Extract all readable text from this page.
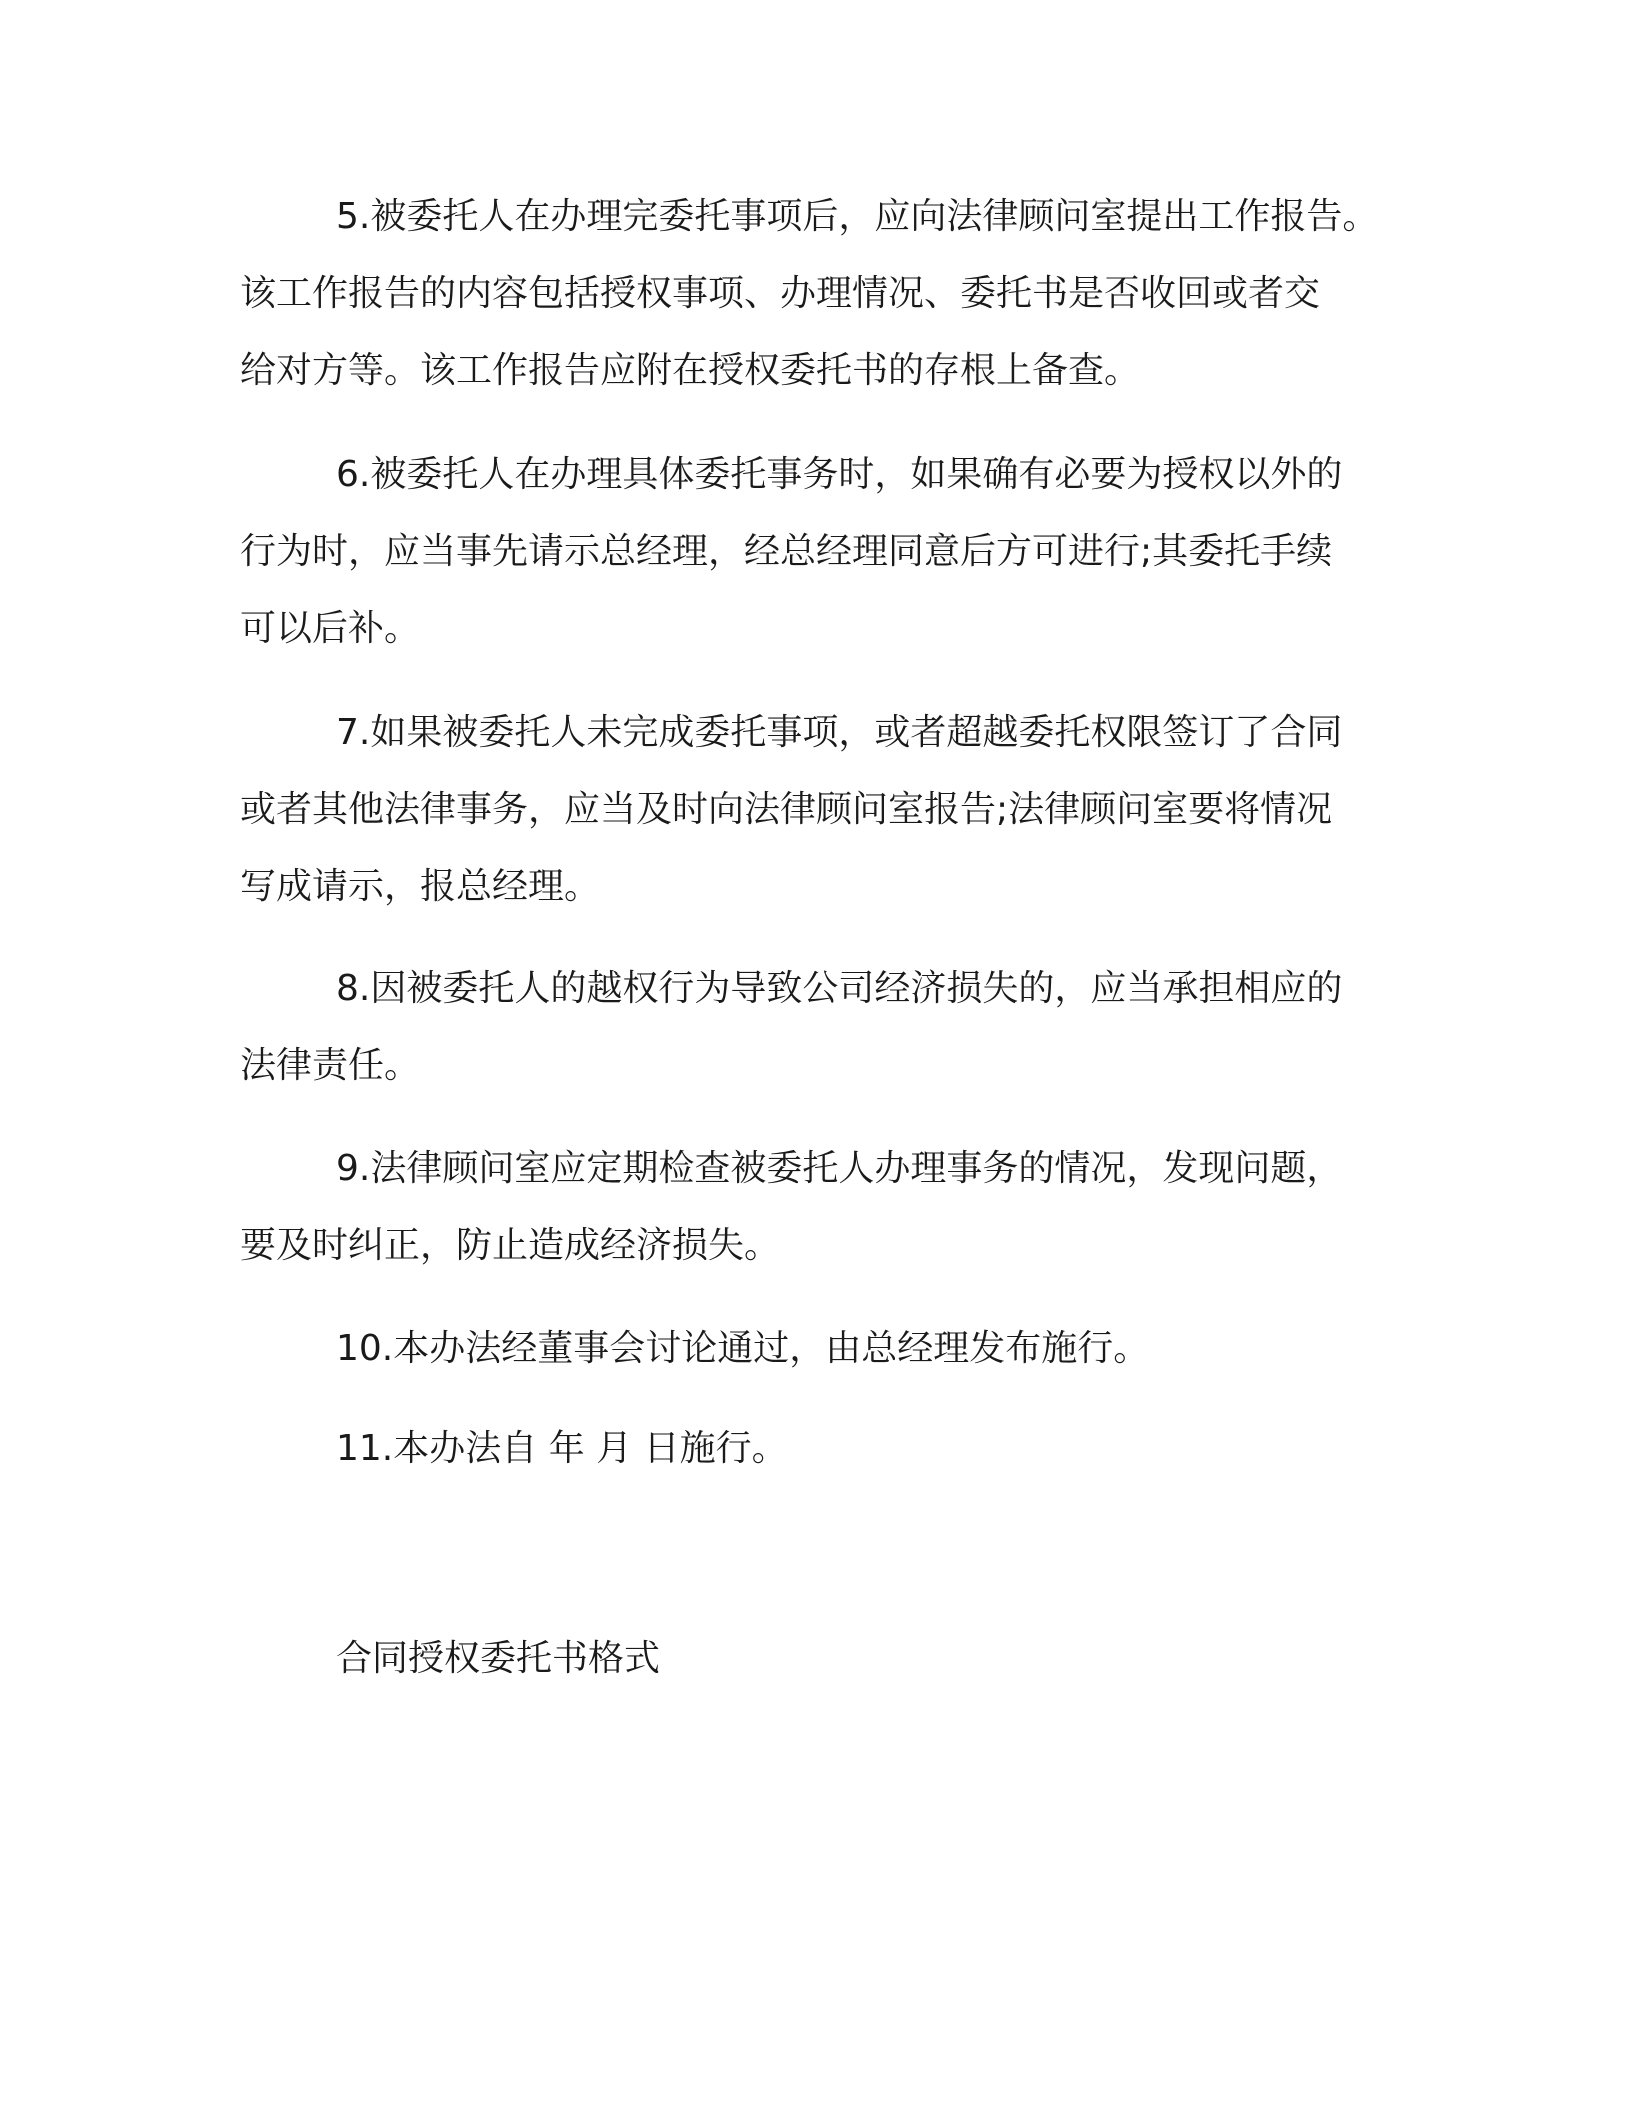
5.被委托人在办理完委托事项后，应向法律顾问室提出工作报告。
该工作报告的内容包括授权事项、办理情况、委托书是否收回或者交
给对方等。该工作报告应附在授权委托书的存根上备查。

6.被委托人在办理具体委托事务时，如果确有必要为授权以外的
行为时，应当事先请示总经理，经总经理同意后方可进行;其委托手续
可以后补。

7.如果被委托人未完成委托事项，或者超越委托权限签订了合同
或者其他法律事务，应当及时向法律顾问室报告;法律顾问室要将情况
写成请示，报总经理。

8.因被委托人的越权行为导致公司经济损失的，应当承担相应的
法律责任。

9.法律顾问室应定期检查被委托人办理事务的情况，发现问题，
要及时纠正，防止造成经济损失。

10.本办法经董事会讨论通过，由总经理发布施行。

11.本办法自 年 月 日施行。

合同授权委托书格式
